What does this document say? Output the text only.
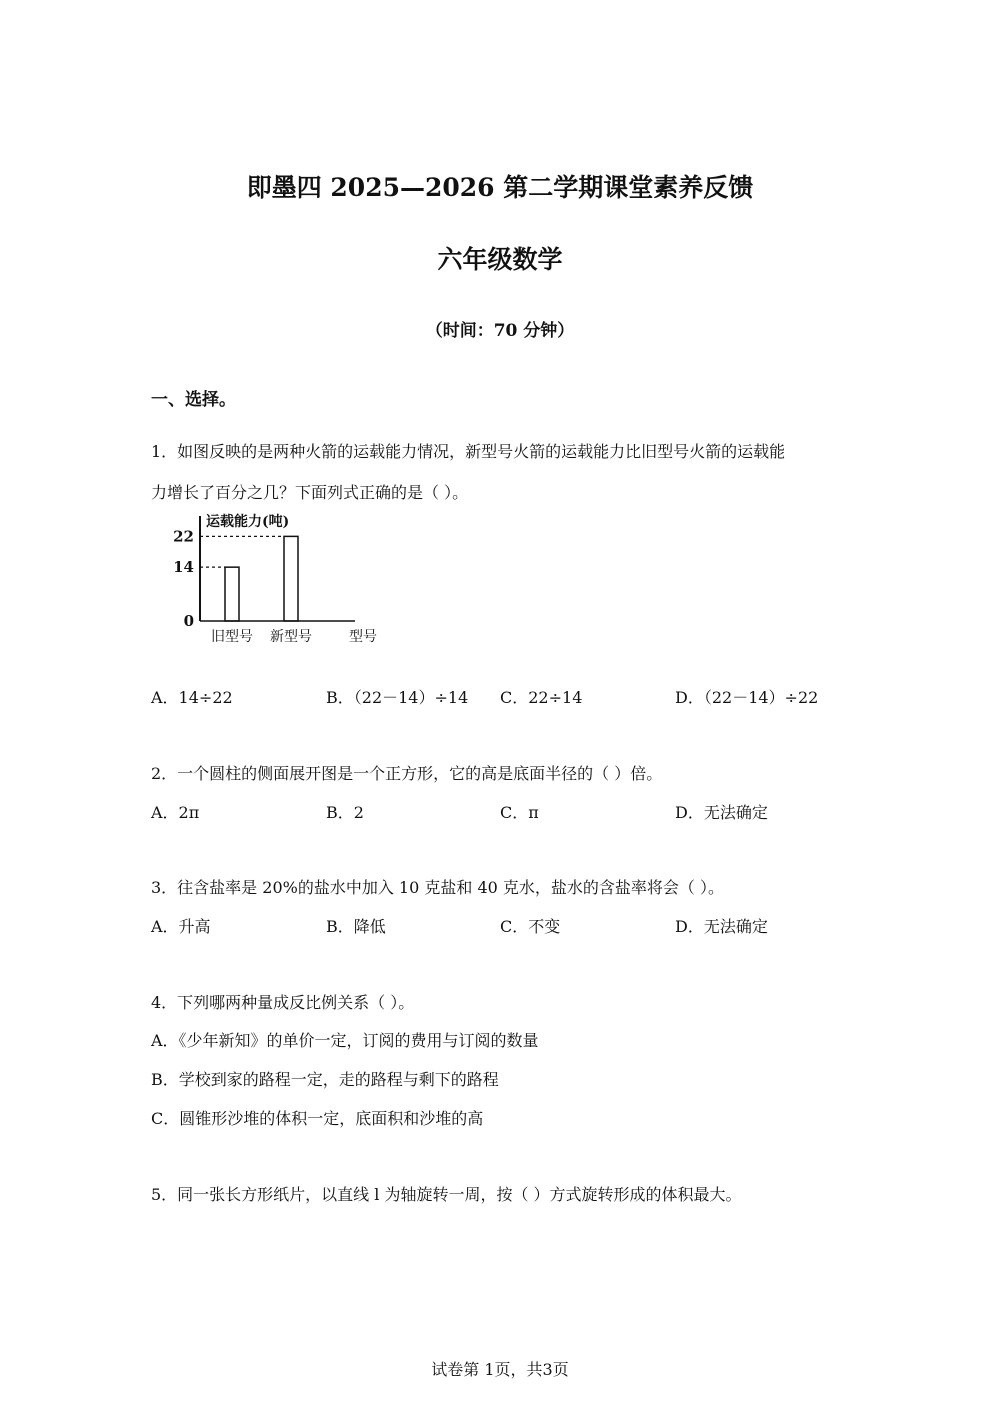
即墨四 2025—2026 第二学期课堂素养反馈
六年级数学
（时间：70 分钟）
一、选择。
1．如图反映的是两种火箭的运载能力情况，新型号火箭的运载能力比旧型号火箭的运载能
力增长了百分之几？下面列式正确的是（ ）。
运载能力(吨)
旧型号 新型号
22
14
0
型号
A．14÷22	B．（22－14）÷14 C．22÷14	D．（22－14）÷22
2．一个圆柱的侧面展开图是一个正方形，它的高是底面半径的（ ）倍。
A．2π	B．2	C．π	D．无法确定
3．往含盐率是 20%的盐水中加入 10 克盐和 40 克水，盐水的含盐率将会（ ）。
A．升高	B．降低	C．不变	D．无法确定
4．下列哪两种量成反比例关系（ ）。
A．《少年新知》的单价一定，订阅的费用与订阅的数量
B．学校到家的路程一定，走的路程与剩下的路程
C．圆锥形沙堆的体积一定，底面积和沙堆的高
5．同一张长方形纸片，以直线 l 为轴旋转一周，按（ ）方式旋转形成的体积最大。
试卷第 1页，共3页
